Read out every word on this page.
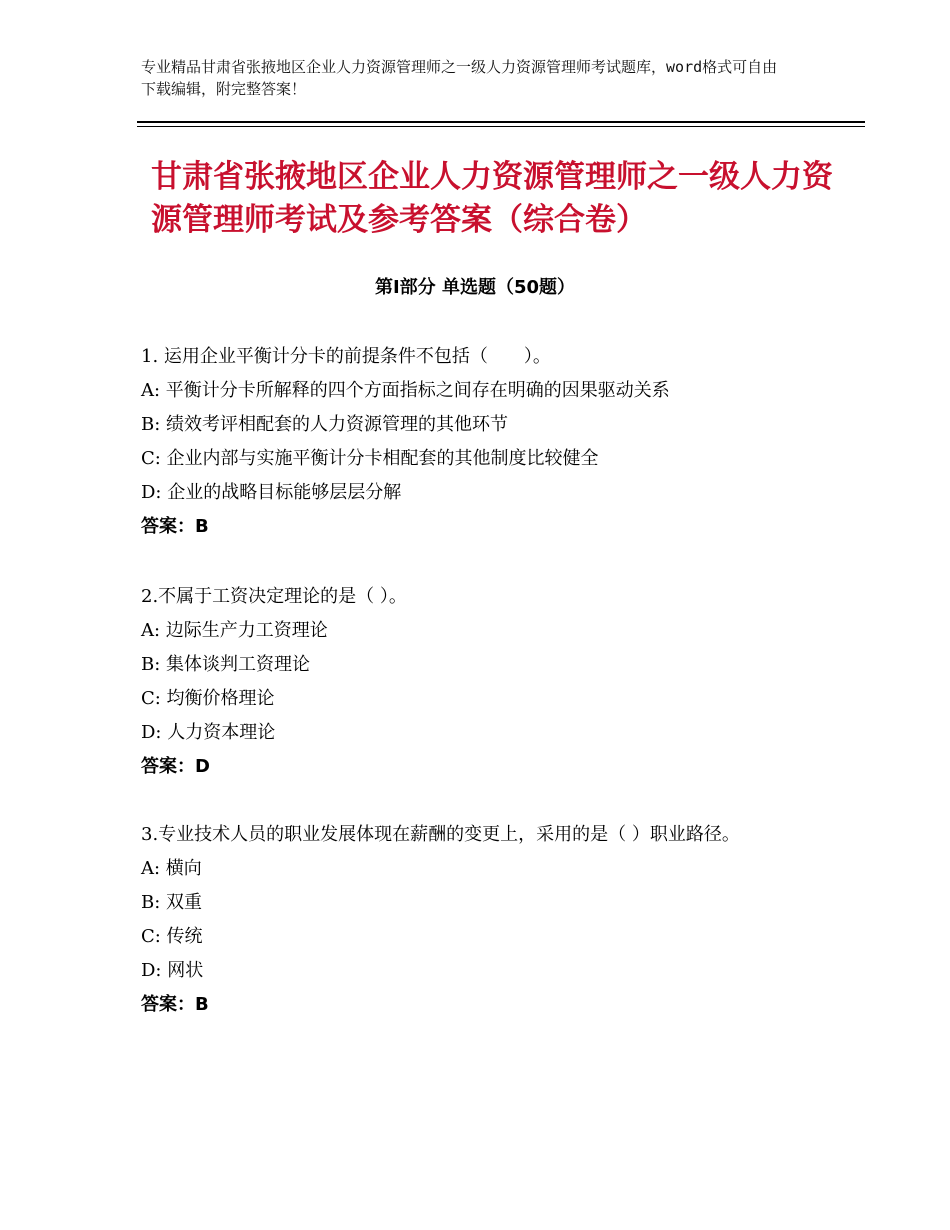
专业精品甘肃省张掖地区企业人力资源管理师之一级人力资源管理师考试题库，word格式可自由下载编辑，附完整答案！
甘肃省张掖地区企业人力资源管理师之一级人力资源管理师考试及参考答案（综合卷）
第Ⅰ部分 单选题（50题）

1. 运用企业平衡计分卡的前提条件不包括（　　）。

A: 平衡计分卡所解释的四个方面指标之间存在明确的因果驱动关系

B: 绩效考评相配套的人力资源管理的其他环节

C: 企业内部与实施平衡计分卡相配套的其他制度比较健全

D: 企业的战略目标能够层层分解

答案：B

2.不属于工资决定理论的是（ ）。

A: 边际生产力工资理论

B: 集体谈判工资理论

C: 均衡价格理论

D: 人力资本理论

答案：D

3.专业技术人员的职业发展体现在薪酬的变更上，采用的是（ ）职业路径。

A: 横向

B: 双重

C: 传统

D: 网状

答案：B
